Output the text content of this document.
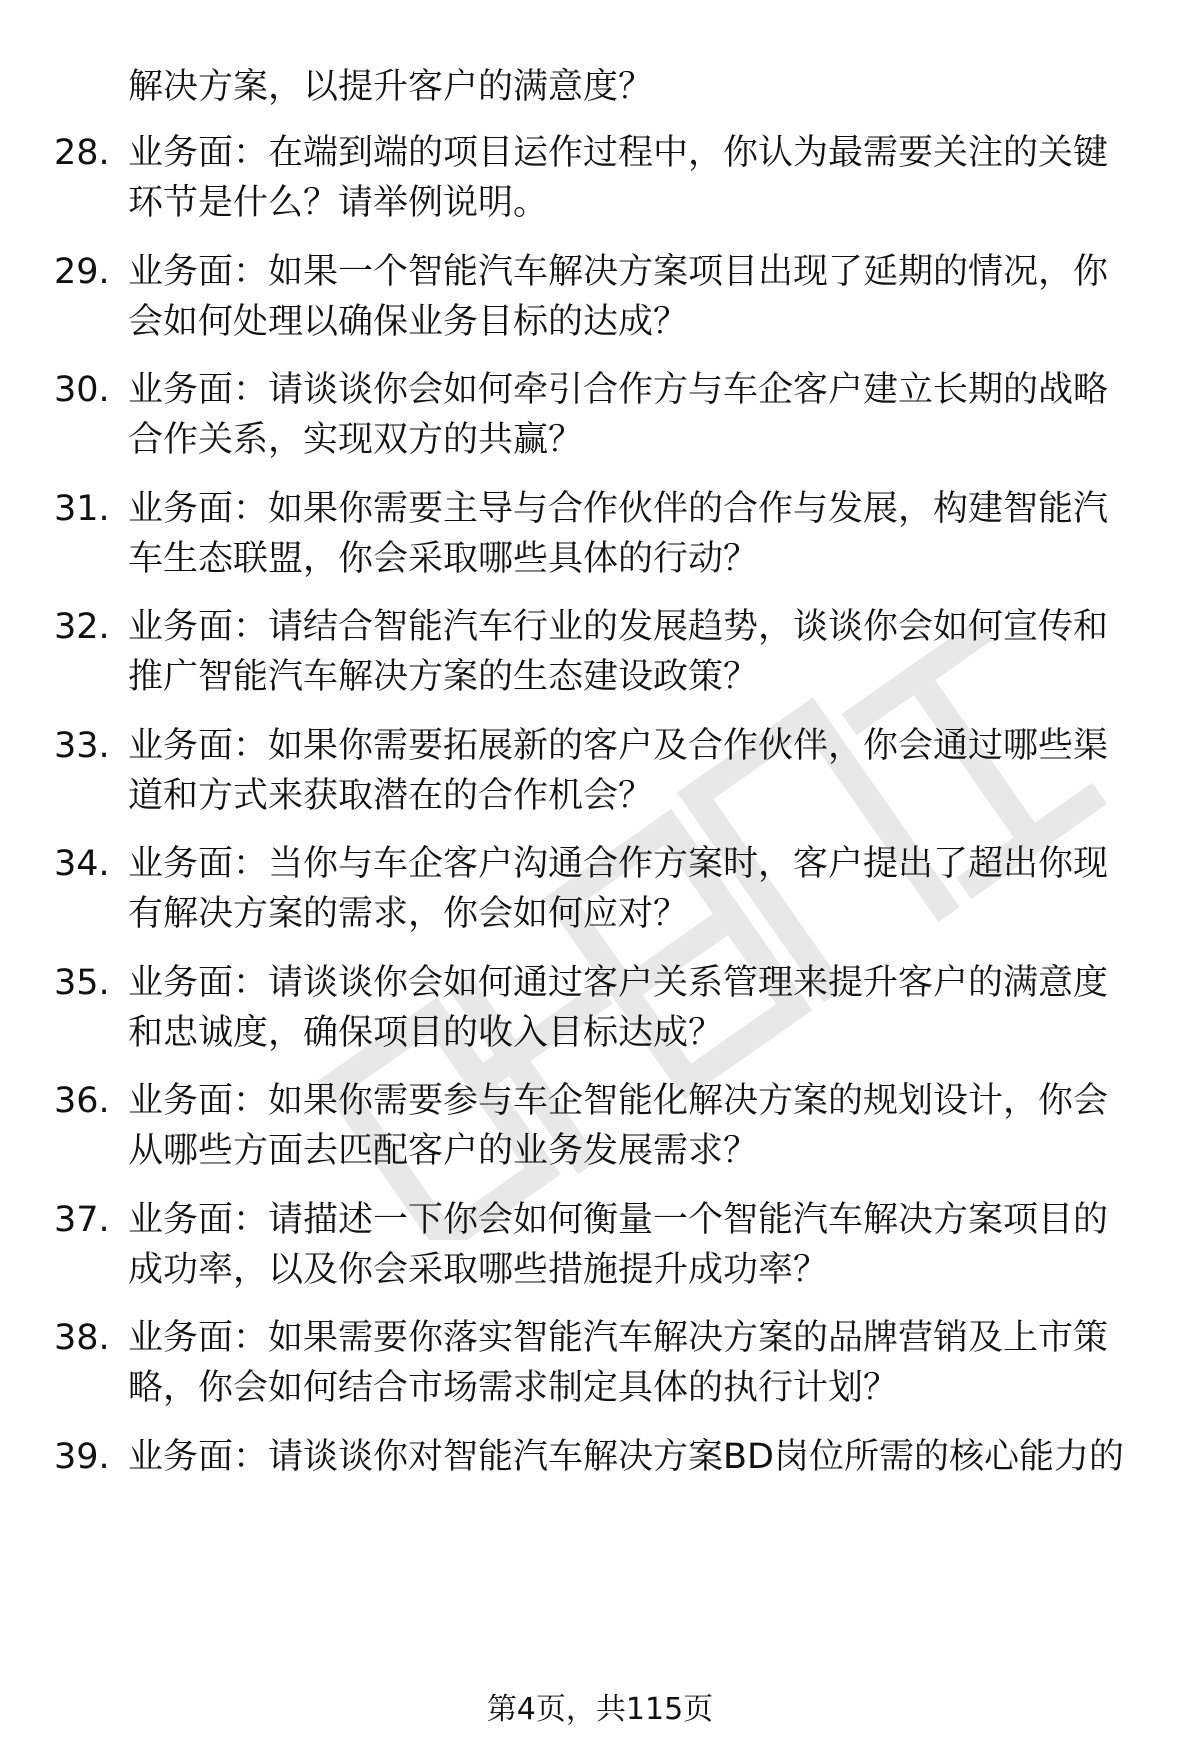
解决方案，以提升客户的满意度？

28. 业务面：在端到端的项目运作过程中，你认为最需要关注的关键
环节是什么？请举例说明。
29. 业务面：如果一个智能汽车解决方案项目出现了延期的情况，你
会如何处理以确保业务目标的达成？
30. 业务面：请谈谈你会如何牵引合作方与车企客户建立长期的战略
合作关系，实现双方的共赢？
31. 业务面：如果你需要主导与合作伙伴的合作与发展，构建智能汽
车生态联盟，你会采取哪些具体的行动？
32. 业务面：请结合智能汽车行业的发展趋势，谈谈你会如何宣传和
推广智能汽车解决方案的生态建设政策？
33. 业务面：如果你需要拓展新的客户及合作伙伴，你会通过哪些渠
道和方式来获取潜在的合作机会？
34. 业务面：当你与车企客户沟通合作方案时，客户提出了超出你现
有解决方案的需求，你会如何应对？
35. 业务面：请谈谈你会如何通过客户关系管理来提升客户的满意度
和忠诚度，确保项目的收入目标达成？
36. 业务面：如果你需要参与车企智能化解决方案的规划设计，你会
从哪些方面去匹配客户的业务发展需求？
37. 业务面：请描述一下你会如何衡量一个智能汽车解决方案项目的
成功率，以及你会采取哪些措施提升成功率？
38. 业务面：如果需要你落实智能汽车解决方案的品牌营销及上市策
略，你会如何结合市场需求制定具体的执行计划？
39. 业务面：请谈谈你对智能汽车解决方案BD岗位所需的核心能力的
第4页，共115页
